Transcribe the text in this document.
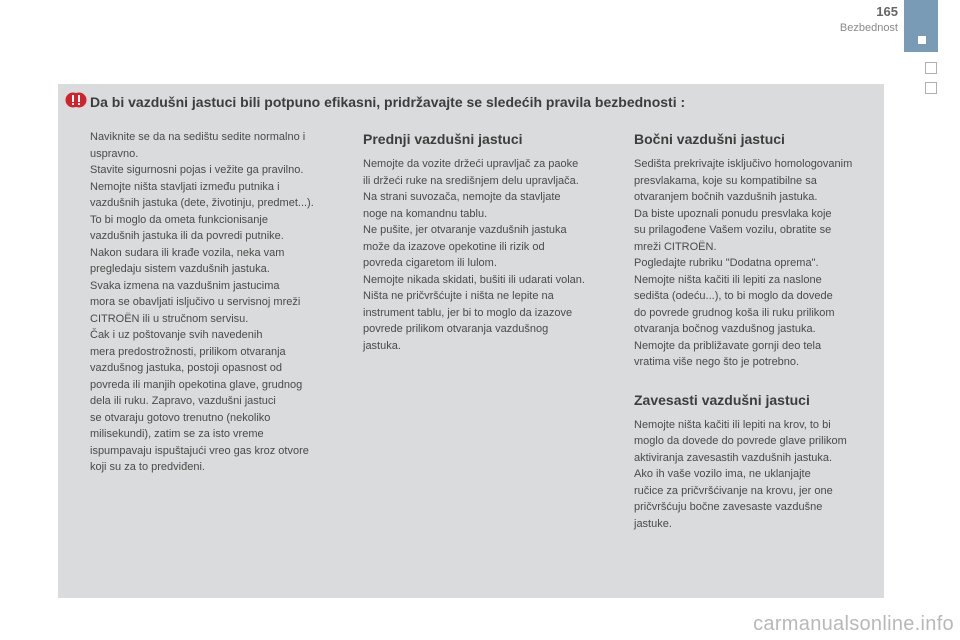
165
Bezbednost
Da bi vazdušni jastuci bili potpuno efikasni, pridržavajte se sledećih pravila bezbednosti :

Naviknite se da na sedištu sedite normalno i
uspravno.
Stavite sigurnosni pojas i vežite ga pravilno.
Nemojte ništa stavljati između putnika i
vazdušnih jastuka (dete, životinju, predmet...).
To bi moglo da ometa funkcionisanje
vazdušnih jastuka ili da povredi putnike.
Nakon sudara ili krađe vozila, neka vam
pregledaju sistem vazdušnih jastuka.
Svaka izmena na vazdušnim jastucima
mora se obavljati isljučivo u servisnoj mreži
CITROËN ili u stručnom servisu.
Čak i uz poštovanje svih navedenih
mera predostrožnosti, prilikom otvaranja
vazdušnog jastuka, postoji opasnost od
povreda ili manjih opekotina glave, grudnog
dela ili ruku. Zapravo, vazdušni jastuci
se otvaraju gotovo trenutno (nekoliko
milisekundi), zatim se za isto vreme
ispumpavaju ispuštajući vreo gas kroz otvore
koji su za to predviđeni.

Prednji vazdušni jastuci

Nemojte da vozite držeći upravljač za paoke
ili držeći ruke na središnjem delu upravljača.
Na strani suvozača, nemojte da stavljate
noge na komandnu tablu.
Ne pušite, jer otvaranje vazdušnih jastuka
može da izazove opekotine ili rizik od
povreda cigaretom ili lulom.
Nemojte nikada skidati, bušiti ili udarati volan.
Ništa ne pričvršćujte i ništa ne lepite na
instrument tablu, jer bi to moglo da izazove
povrede prilikom otvaranja vazdušnog
jastuka.

Bočni vazdušni jastuci

Sedišta prekrivajte isključivo homologovanim
presvlakama, koje su kompatibilne sa
otvaranjem bočnih vazdušnih jastuka.
Da biste upoznali ponudu presvlaka koje
su prilagođene Vašem vozilu, obratite se
mreži CITROËN.
Pogledajte rubriku "Dodatna oprema".
Nemojte ništa kačiti ili lepiti za naslone
sedišta (odeću...), to bi moglo da dovede
do povrede grudnog koša ili ruku prilikom
otvaranja bočnog vazdušnog jastuka.
Nemojte da približavate gornji deo tela
vratima više nego što je potrebno.

Zavesasti vazdušni jastuci

Nemojte ništa kačiti ili lepiti na krov, to bi
moglo da dovede do povrede glave prilikom
aktiviranja zavesastih vazdušnih jastuka.
Ako ih vaše vozilo ima, ne uklanjajte
ručice za pričvršćivanje na krovu, jer one
pričvršćuju bočne zavesaste vazdušne
jastuke.

carmanualsonline.info
